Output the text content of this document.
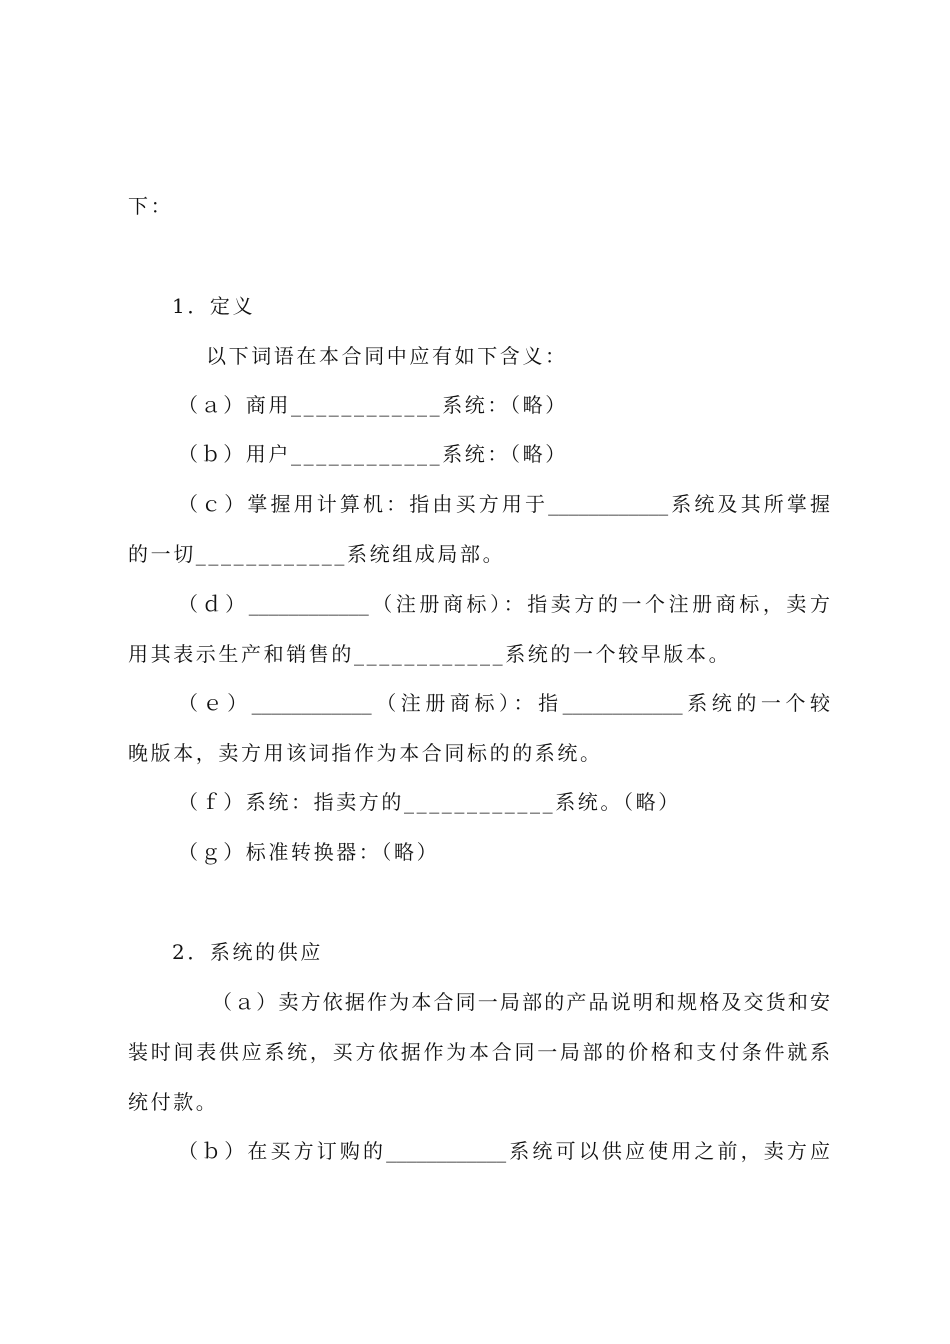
下：
1．定义
以下词语在本合同中应有如下含义：
（ａ）商用____________系统：（略）
（ｂ）用户____________系统：（略）
（ｃ）掌握用计算机：指由买方用于____________系统及其所掌握
的一切____________系统组成局部。
（ｄ）____________（注册商标）：指卖方的一个注册商标，卖方
用其表示生产和销售的____________系统的一个较早版本。
（ｅ）____________（注册商标）：指____________系统的一个较
晚版本，卖方用该词指作为本合同标的的系统。
（ｆ）系统：指卖方的____________系统。（略）
（ｇ）标准转换器：（略）
2．系统的供应
（ａ）卖方依据作为本合同一局部的产品说明和规格及交货和安
装时间表供应系统，买方依据作为本合同一局部的价格和支付条件就系
统付款。
（ｂ）在买方订购的____________系统可以供应使用之前，卖方应
